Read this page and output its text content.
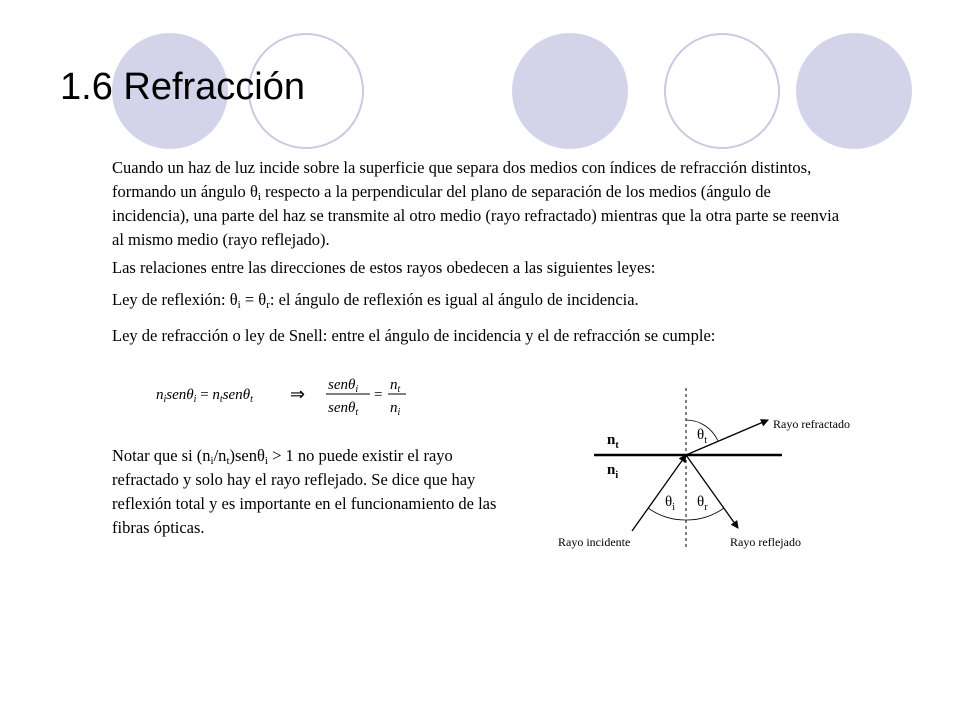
1.6 Refracción

Cuando un haz de luz incide sobre la superficie que separa dos medios con índices de refracción distintos, formando un ángulo $\theta_i$ respecto a la perpendicular del plano de separación de los medios (ángulo de incidencia), una parte del haz se transmite al otro medio (rayo refractado) mientras que la otra parte se reenvia al mismo medio (rayo reflejado).

Las relaciones entre las direcciones de estos rayos obedecen a las siguientes leyes:

Ley de reflexión: $\theta_i = \theta_r$: el ángulo de reflexión es igual al ángulo de incidencia.

Ley de refracción o ley de Snell: entre el ángulo de incidencia y el de refracción se cumple:

$n_isen\theta_i = n_tsen\theta_t$ ⇒ senθ$_i$
senθ$_t$
=
$n_t$
$n_i$

Notar que si $(n_i/n_t)sen\theta_i > 1$ no puede existir el rayo refractado y solo hay el rayo reflejado. Se dice que hay reflexión total y es importante en el funcionamiento de las fibras ópticas.

$n_t$
$n_i$
$\theta_t$
$\theta_i$ $\theta_r$
Rayo refractado
Rayo incidente	Rayo reflejado
